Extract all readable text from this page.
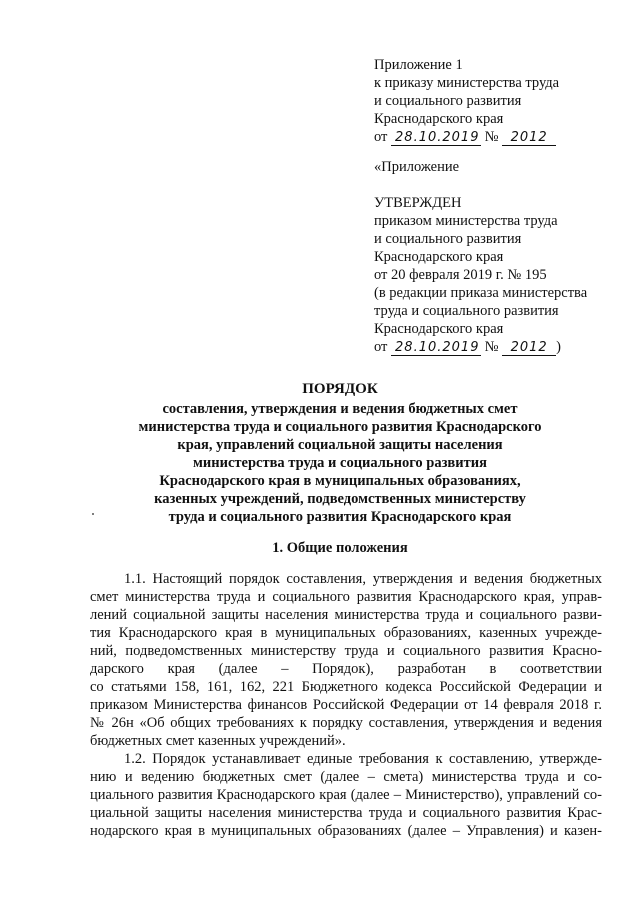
Приложение 1
к приказу министерства труда
и социального развития
Краснодарского края
от 28.10.2019 № 2012
«Приложение
УТВЕРЖДЕН
приказом министерства труда
и социального развития
Краснодарского края
от 20 февраля 2019 г. № 195
(в редакции приказа министерства
труда и социального развития
Краснодарского края
от 28.10.2019 № 2012 )
ПОРЯДОК
составления, утверждения и ведения бюджетных смет
министерства труда и социального развития Краснодарского
края, управлений социальной защиты населения
министерства труда и социального развития
Краснодарского края в муниципальных образованиях,
казенных учреждений, подведомственных министерству
труда и социального развития Краснодарского края
1. Общие положения
1.1. Настоящий порядок составления, утверждения и ведения бюджетных
смет министерства труда и социального развития Краснодарского края, управ-
лений социальной защиты населения министерства труда и социального разви-
тия Краснодарского края в муниципальных образованиях, казенных учрежде-
ний, подведомственных министерству труда и социального развития Красно-
дарского края (далее – Порядок), разработан в соответствии
со статьями 158, 161, 162, 221 Бюджетного кодекса Российской Федерации и
приказом Министерства финансов Российской Федерации от 14 февраля 2018 г.
№ 26н «Об общих требованиях к порядку составления, утверждения и ведения
бюджетных смет казенных учреждений».
1.2. Порядок устанавливает единые требования к составлению, утвержде-
нию и ведению бюджетных смет (далее – смета) министерства труда и со-
циального развития Краснодарского края (далее – Министерство), управлений со-
циальной защиты населения министерства труда и социального развития Крас-
нодарского края в муниципальных образованиях (далее – Управления) и казен-
